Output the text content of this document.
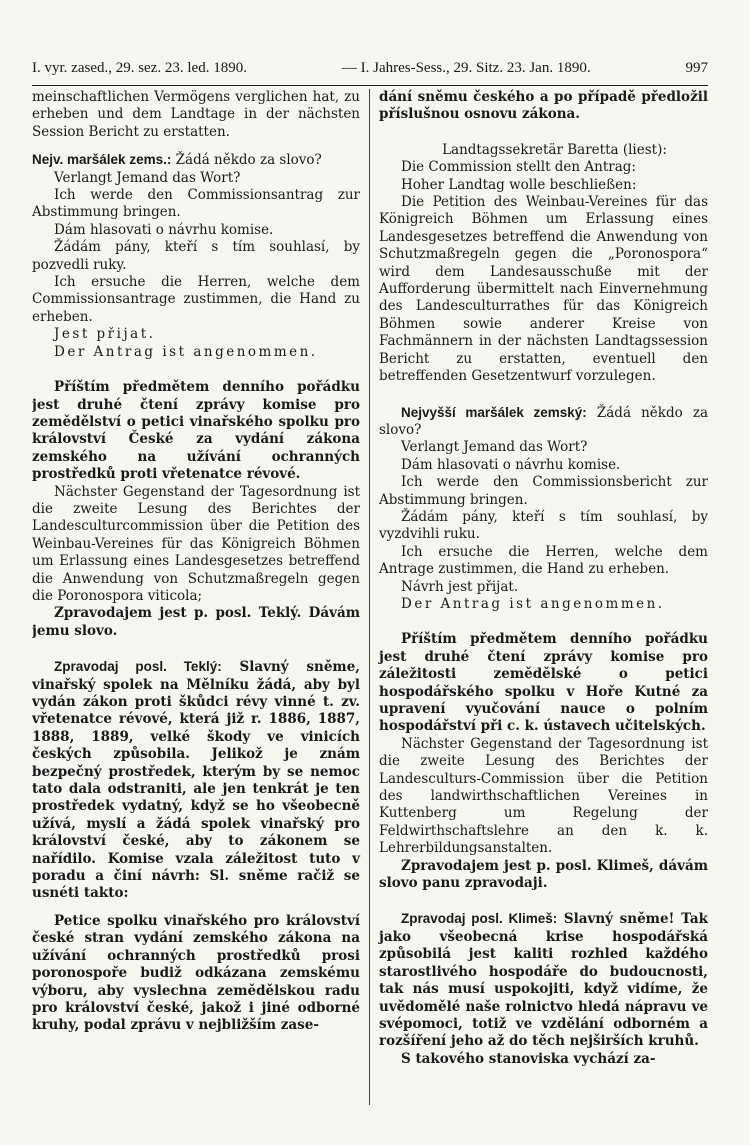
I. vyr. zased., 29. sez. 23. led. 1890.	— I. Jahres-Sess., 29. Sitz. 23. Jan. 1890.	997

meinschaftlichen Vermögens verglichen hat, zu erheben und dem Landtage in der nächsten Session Bericht zu erstatten.

Nejv. maršálek zems.: Žádá někdo za slovo?

Verlangt Jemand das Wort?

Ich werde den Commissionsantrag zur Abstimmung bringen.

Dám hlasovati o návrhu komise.

Žádám pány, kteří s tím souhlasí, by pozvedli ruky.

Ich ersuche die Herren, welche dem Commissionsantrage zustimmen, die Hand zu erheben.

Jest přijat.

Der Antrag ist angenommen.

Příštím předmětem denního pořádku jest druhé čtení zprávy komise pro zemědělství o petici vinařského spolku pro království České za vydání zákona zemského na užívání ochranných prostředků proti vřetenatce révové.

Nächster Gegenstand der Tagesordnung ist die zweite Lesung des Berichtes der Landesculturcommission über die Petition des Weinbau-Vereines für das Königreich Böhmen um Erlassung eines Landesgesetzes betreffend die Anwendung von Schutzmaßregeln gegen die Poronospora viticola;

Zpravodajem jest p. posl. Teklý. Dávám jemu slovo.

Zpravodaj posl. Teklý: Slavný sněme, vinařský spolek na Mělníku žádá, aby byl vydán zákon proti škůdci révy vinné t. zv. vřetenatce révové, která již r. 1886, 1887, 1888, 1889, velké škody ve vinicích českých způsobila. Jelikož je znám bezpečný prostředek, kterým by se nemoc tato dala odstraniti, ale jen tenkrát je ten prostředek vydatný, když se ho všeobecně užívá, myslí a žádá spolek vinařský pro království české, aby to zákonem se nařídilo. Komise vzala záležitost tuto v poradu a činí návrh: Sl. sněme račiž se usnéti takto:

Petice spolku vinařského pro království české stran vydání zemského zákona na užívání ochranných prostředků prosi poronospoře budiž odkázana zemskému výboru, aby vyslechna zemědělskou radu pro království české, jakož i jiné odborné kruhy, podal zprávu v nejbližším zase-

dání sněmu českého a po případě předložil příslušnou osnovu zákona.

Landtagssekretär Baretta (liest):

Die Commission stellt den Antrag:

Hoher Landtag wolle beschließen:

Die Petition des Weinbau-Vereines für das Königreich Böhmen um Erlassung eines Landesgesetzes betreffend die Anwendung von Schutzmaßregeln gegen die „Poronospora“ wird dem Landesausschuße mit der Aufforderung übermittelt nach Einvernehmung des Landesculturrathes für das Königreich Böhmen sowie anderer Kreise von Fachmännern in der nächsten Landtagssession Bericht zu erstatten, eventuell den betreffenden Gesetzentwurf vorzulegen.

Nejvyšší maršálek zemský: Žádá někdo za slovo?

Verlangt Jemand das Wort?

Dám hlasovati o návrhu komise.

Ich werde den Commissionsbericht zur Abstimmung bringen.

Žádám pány, kteří s tím souhlasí, by vyzdvihli ruku.

Ich ersuche die Herren, welche dem Antrage zustimmen, die Hand zu erheben.

Návrh jest přijat.

Der Antrag ist angenommen.

Příštím předmětem denního pořádku jest druhé čtení zprávy komise pro záležitosti zemědělské o petici hospodářského spolku v Hoře Kutné za upravení vyučování nauce o polním hospodářství při c. k. ústavech učitelských.

Nächster Gegenstand der Tagesordnung ist die zweite Lesung des Berichtes der Landesculturs-Commission über die Petition des landwirthschaftlichen Vereines in Kuttenberg um Regelung der Feldwirthschaftslehre an den k. k. Lehrerbildungsanstalten.

Zpravodajem jest p. posl. Klimeš, dávám slovo panu zpravodaji.

Zpravodaj posl. Klimeš: Slavný sněme! Tak jako všeobecná krise hospodářská způsobilá jest kaliti rozhled každého starostlivého hospodáře do budoucnosti, tak nás musí uspokojiti, když vidíme, že uvědomělé naše rolnictvo hledá nápravu ve svépomoci, totiž ve vzdělání odborném a rozšíření jeho až do těch nejširších kruhů.

S takového stanoviska vychází za-
